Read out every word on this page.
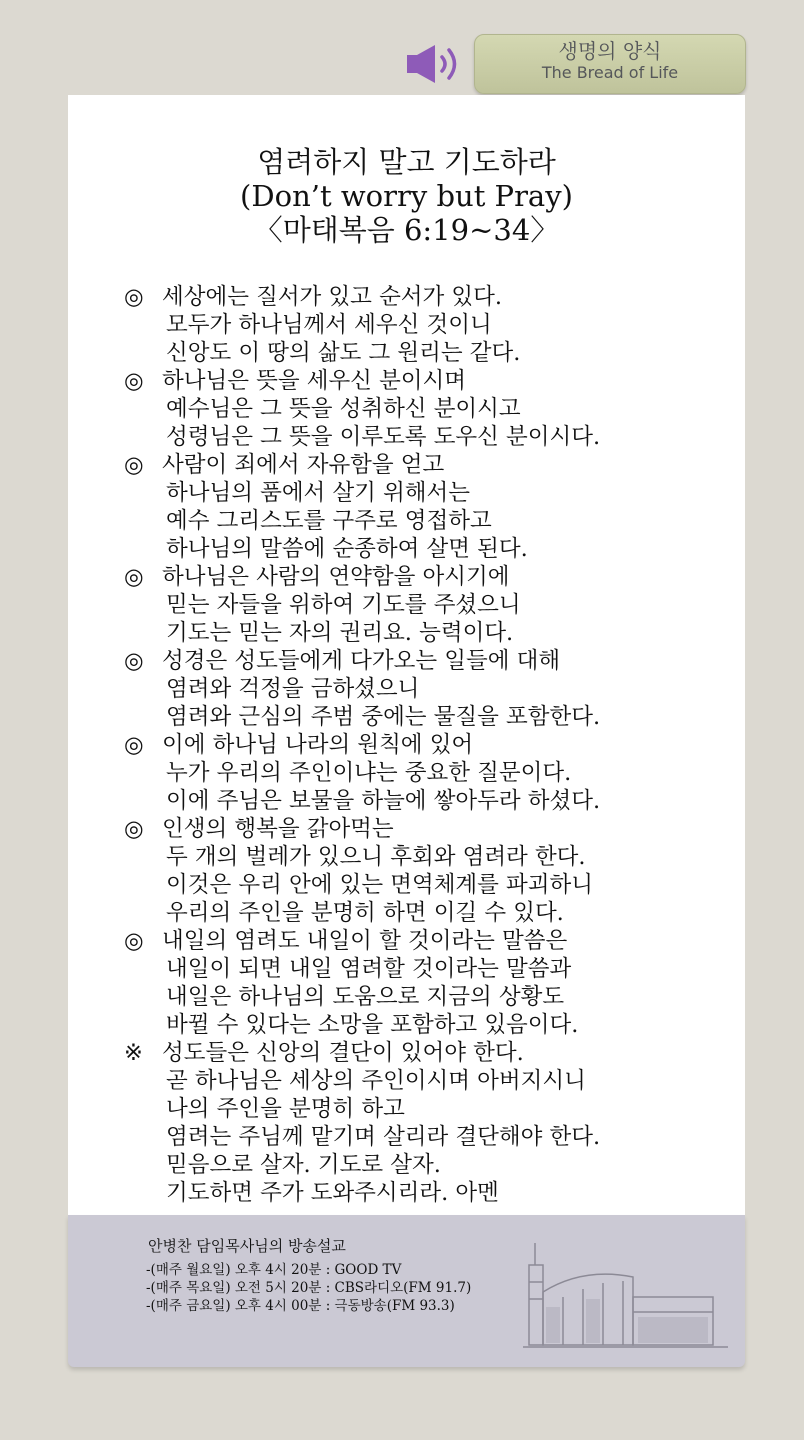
생명의 양식
The Bread of Life
염려하지 말고 기도하라
(Don’t worry but Pray)
〈마태복음 6:19~34〉
◎ 세상에는 질서가 있고 순서가 있다.
모두가 하나님께서 세우신 것이니
신앙도 이 땅의 삶도 그 원리는 같다.
◎ 하나님은 뜻을 세우신 분이시며
예수님은 그 뜻을 성취하신 분이시고
성령님은 그 뜻을 이루도록 도우신 분이시다.
◎ 사람이 죄에서 자유함을 얻고
하나님의 품에서 살기 위해서는
예수 그리스도를 구주로 영접하고
하나님의 말씀에 순종하여 살면 된다.
◎ 하나님은 사람의 연약함을 아시기에
믿는 자들을 위하여 기도를 주셨으니
기도는 믿는 자의 권리요. 능력이다.
◎ 성경은 성도들에게 다가오는 일들에 대해
염려와 걱정을 금하셨으니
염려와 근심의 주범 중에는 물질을 포함한다.
◎ 이에 하나님 나라의 원칙에 있어
누가 우리의 주인이냐는 중요한 질문이다.
이에 주님은 보물을 하늘에 쌓아두라 하셨다.
◎ 인생의 행복을 갉아먹는
두 개의 벌레가 있으니 후회와 염려라 한다.
이것은 우리 안에 있는 면역체계를 파괴하니
우리의 주인을 분명히 하면 이길 수 있다.
◎ 내일의 염려도 내일이 할 것이라는 말씀은
내일이 되면 내일 염려할 것이라는 말씀과
내일은 하나님의 도움으로 지금의 상황도
바뀔 수 있다는 소망을 포함하고 있음이다.
※ 성도들은 신앙의 결단이 있어야 한다.
곧 하나님은 세상의 주인이시며 아버지시니
나의 주인을 분명히 하고
염려는 주님께 맡기며 살리라 결단해야 한다.
믿음으로 살자. 기도로 살자.
기도하면 주가 도와주시리라. 아멘
안병찬 담임목사님의 방송설교
-(매주 월요일) 오후 4시 20분 : GOOD TV
-(매주 목요일) 오전 5시 20분 : CBS라디오(FM 91.7)
-(매주 금요일) 오후 4시 00분 : 극동방송(FM 93.3)
